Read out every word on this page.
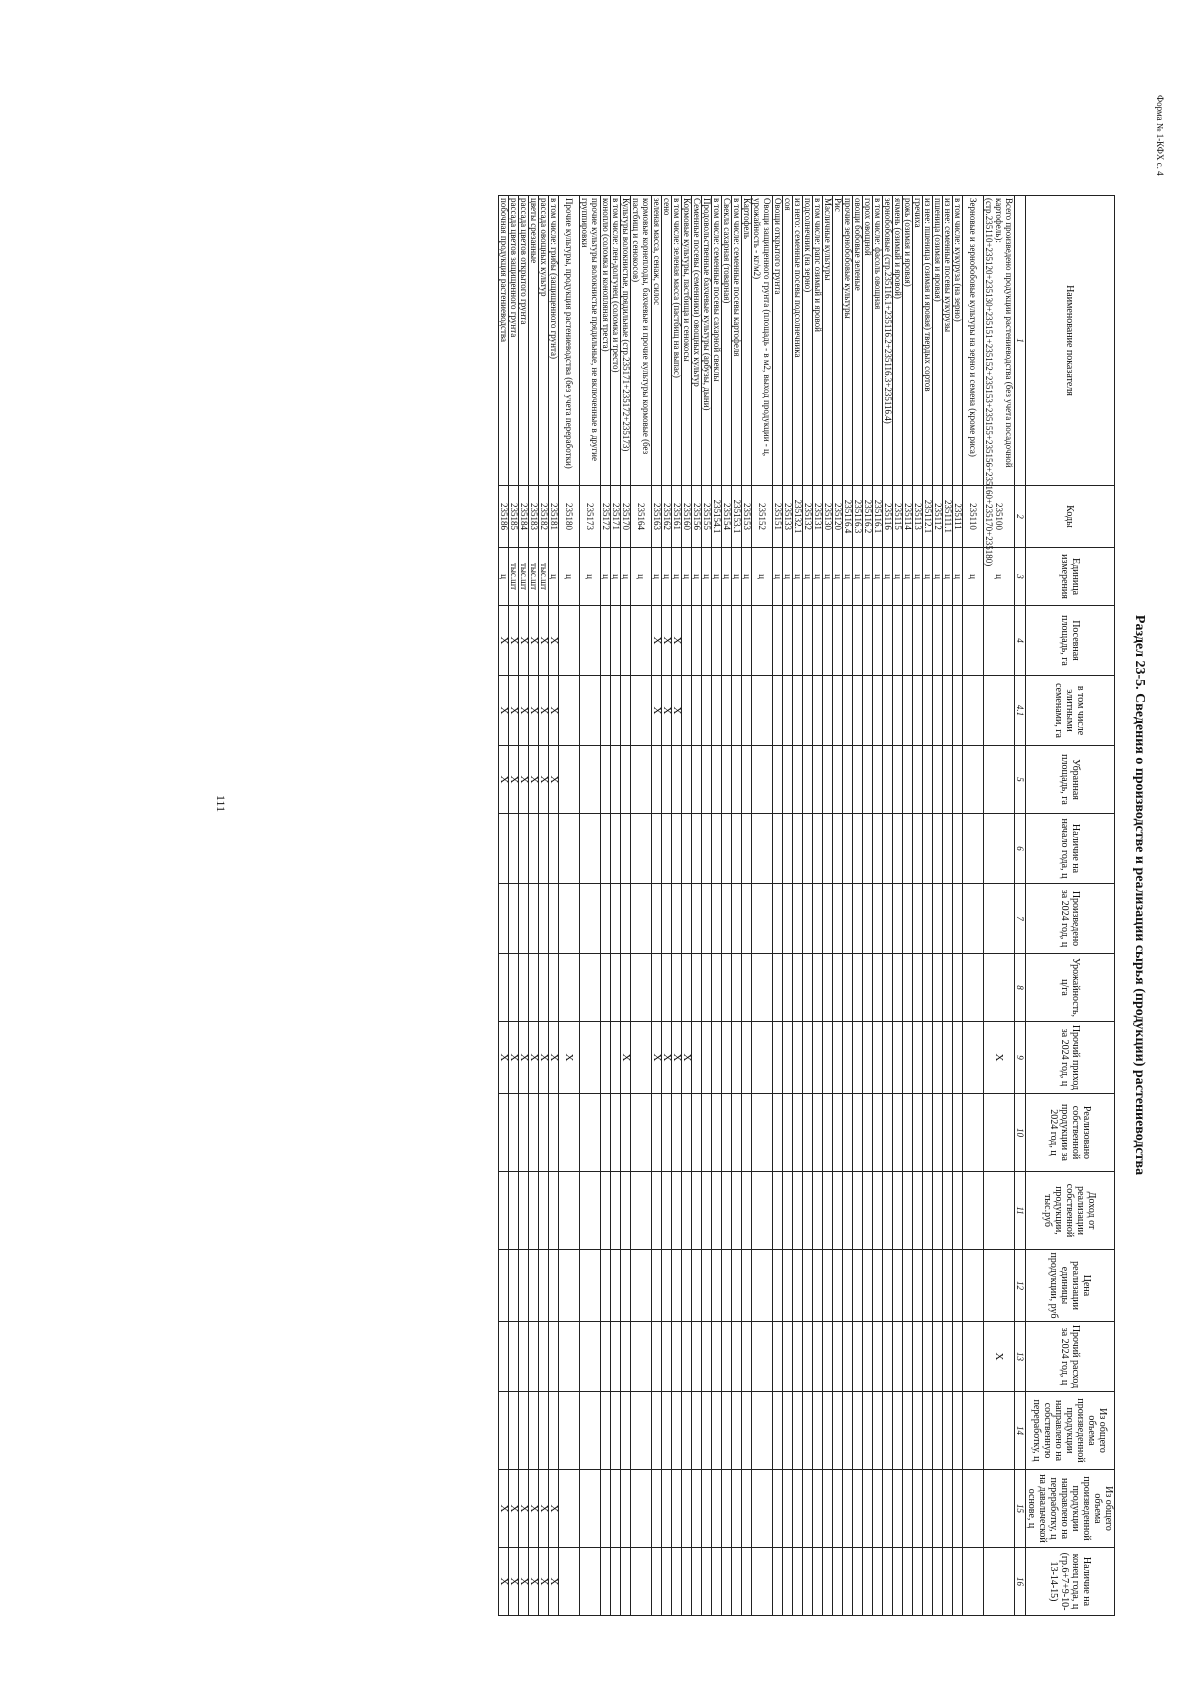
111
Форма № 1-КФХ с. 4
Раздел 23-5. Сведения о производстве и реализации сырья (продукции) растениеводства
Наименование показателя	Коды	Единица измерения	Посевная площадь, га	в том числе элитными семенами, га	Убранная площадь, га	Наличие на начало года, ц	Произведено за 2024 год, ц	Урожайность, ц/га	Прочий приход за 2024 год, ц	Реализовано собственной продукции за 2024 год, ц	Доход от реализации собственной продукции, тыс.руб	Цена реализации единицы продукции, руб	Прочий расход за 2024 год, ц	Из общего объема произведенной продукции направлено на собственную переработку, ц	Из общего объема произведенной продукции направлено на переработку, ц на давальческой основе, ц	Наличие на конец года, ц (гр.6+7+9-10-13-14-15)	
1	2	3	4	4.1	5	6	7	8	9	10	11	12	13	14	15	16	
Всего произведено продукции растениеводства (без учета посадочной картофель): (стр.235110+235120+235130+235151+235152+235153+235155+235156+235160+235170+235180)	235100	ц							Х				Х				
Зерновые и зернобобовые культуры на зерно и семена (кроме риса)	235110	ц															
в том числе: кукуруза (на зерно)	235111	ц															
из нее: семенные посевы кукурузы	235111.1	ц															
пшеница (озимая и яровая)	235112	ц															
из нее: пшеница (озимая и яровая) твердых сортов	235112.1	ц															
гречиха	235113	ц															
рожь (озимая и яровая)	235114	ц															
ячмень (озимый и яровой)	235115	ц															
зернобобовые (стр.235116.1+235116.2+235116.3+235116.4)	235116	ц															
в том числе: фасоль овощная	235116.1	ц															
горох овощной	235116.2	ц															
овощи бобовые зеленые	235116.3	ц															
прочие зернобобовые культуры	235116.4	ц															
Рис	235120	ц															
Масличные культуры	235130	ц															
в том числе: рапс озимый и яровой	235131	ц															
подсолнечник (на зерно)	235132	ц															
из него: семенные посевы подсолнечника	235132.1	ц															
соя	235133	ц															
Овощи открытого грунта	235151	ц															
Овощи защищенного грунта (площадь - в м2, выход продукции - ц, урожайность - кг/м2)	235152	ц															
Картофель	235153	ц															
в том числе: семенные посевы картофеля	235153.1	ц															
Свекла сахарная (товарная)	235154	ц															
в том числе: семенные посевы сахарной свеклы	235154.1	ц															
Продовольственные бахчевые культуры (арбузы, дыни)	235155	ц															
Семенные посевы (семенники) овощных культур	235156	ц															
Кормовые культуры, пастбища и сенокосы	235160	ц							Х								
в том числе: зеленая масса (пастбищ на выпас)	235161	ц	Х	Х					Х								
сено	235162	ц	Х	Х					Х								
зеленая масса, сенаж, силос	235163	ц	Х	Х					Х								
кормовые корнеплоды, бахчевые и прочие культуры кормовые (без пастбищ и сенокосов)	235164	ц															
Культуры волокнистые, прядильные (стр.235171+235172+235173)	235170	ц							Х								
в том числе: лен-долгунец (соломка и тресто)	235171	ц															
коноплю (соломка и конопляная треста)	235172	ц															
прочие культуры волокнистые прядильные, не включенные в другие группировки	235173	ц															
Прочие культуры, продукция растениеводства (без учета переработки)	235180	ц							Х								
в том числе: грибы (защищенного грунта)	235181	ц	Х	Х	Х				Х						Х	Х	
рассада овощных культур	235182	тыс.шт	Х	Х	Х				Х						Х	Х	
цветы срезанные	235183	тыс.шт	Х	Х	Х				Х						Х	Х	
рассада цветов открытого грунта	235184	тыс.шт	Х	Х	Х				Х						Х	Х	
рассада цветов защищенного грунта	235185	тыс.шт	Х	Х	Х				Х						Х	Х	
побочная продукция растениеводства	235186	ц	Х	Х	Х				Х						Х	Х	
